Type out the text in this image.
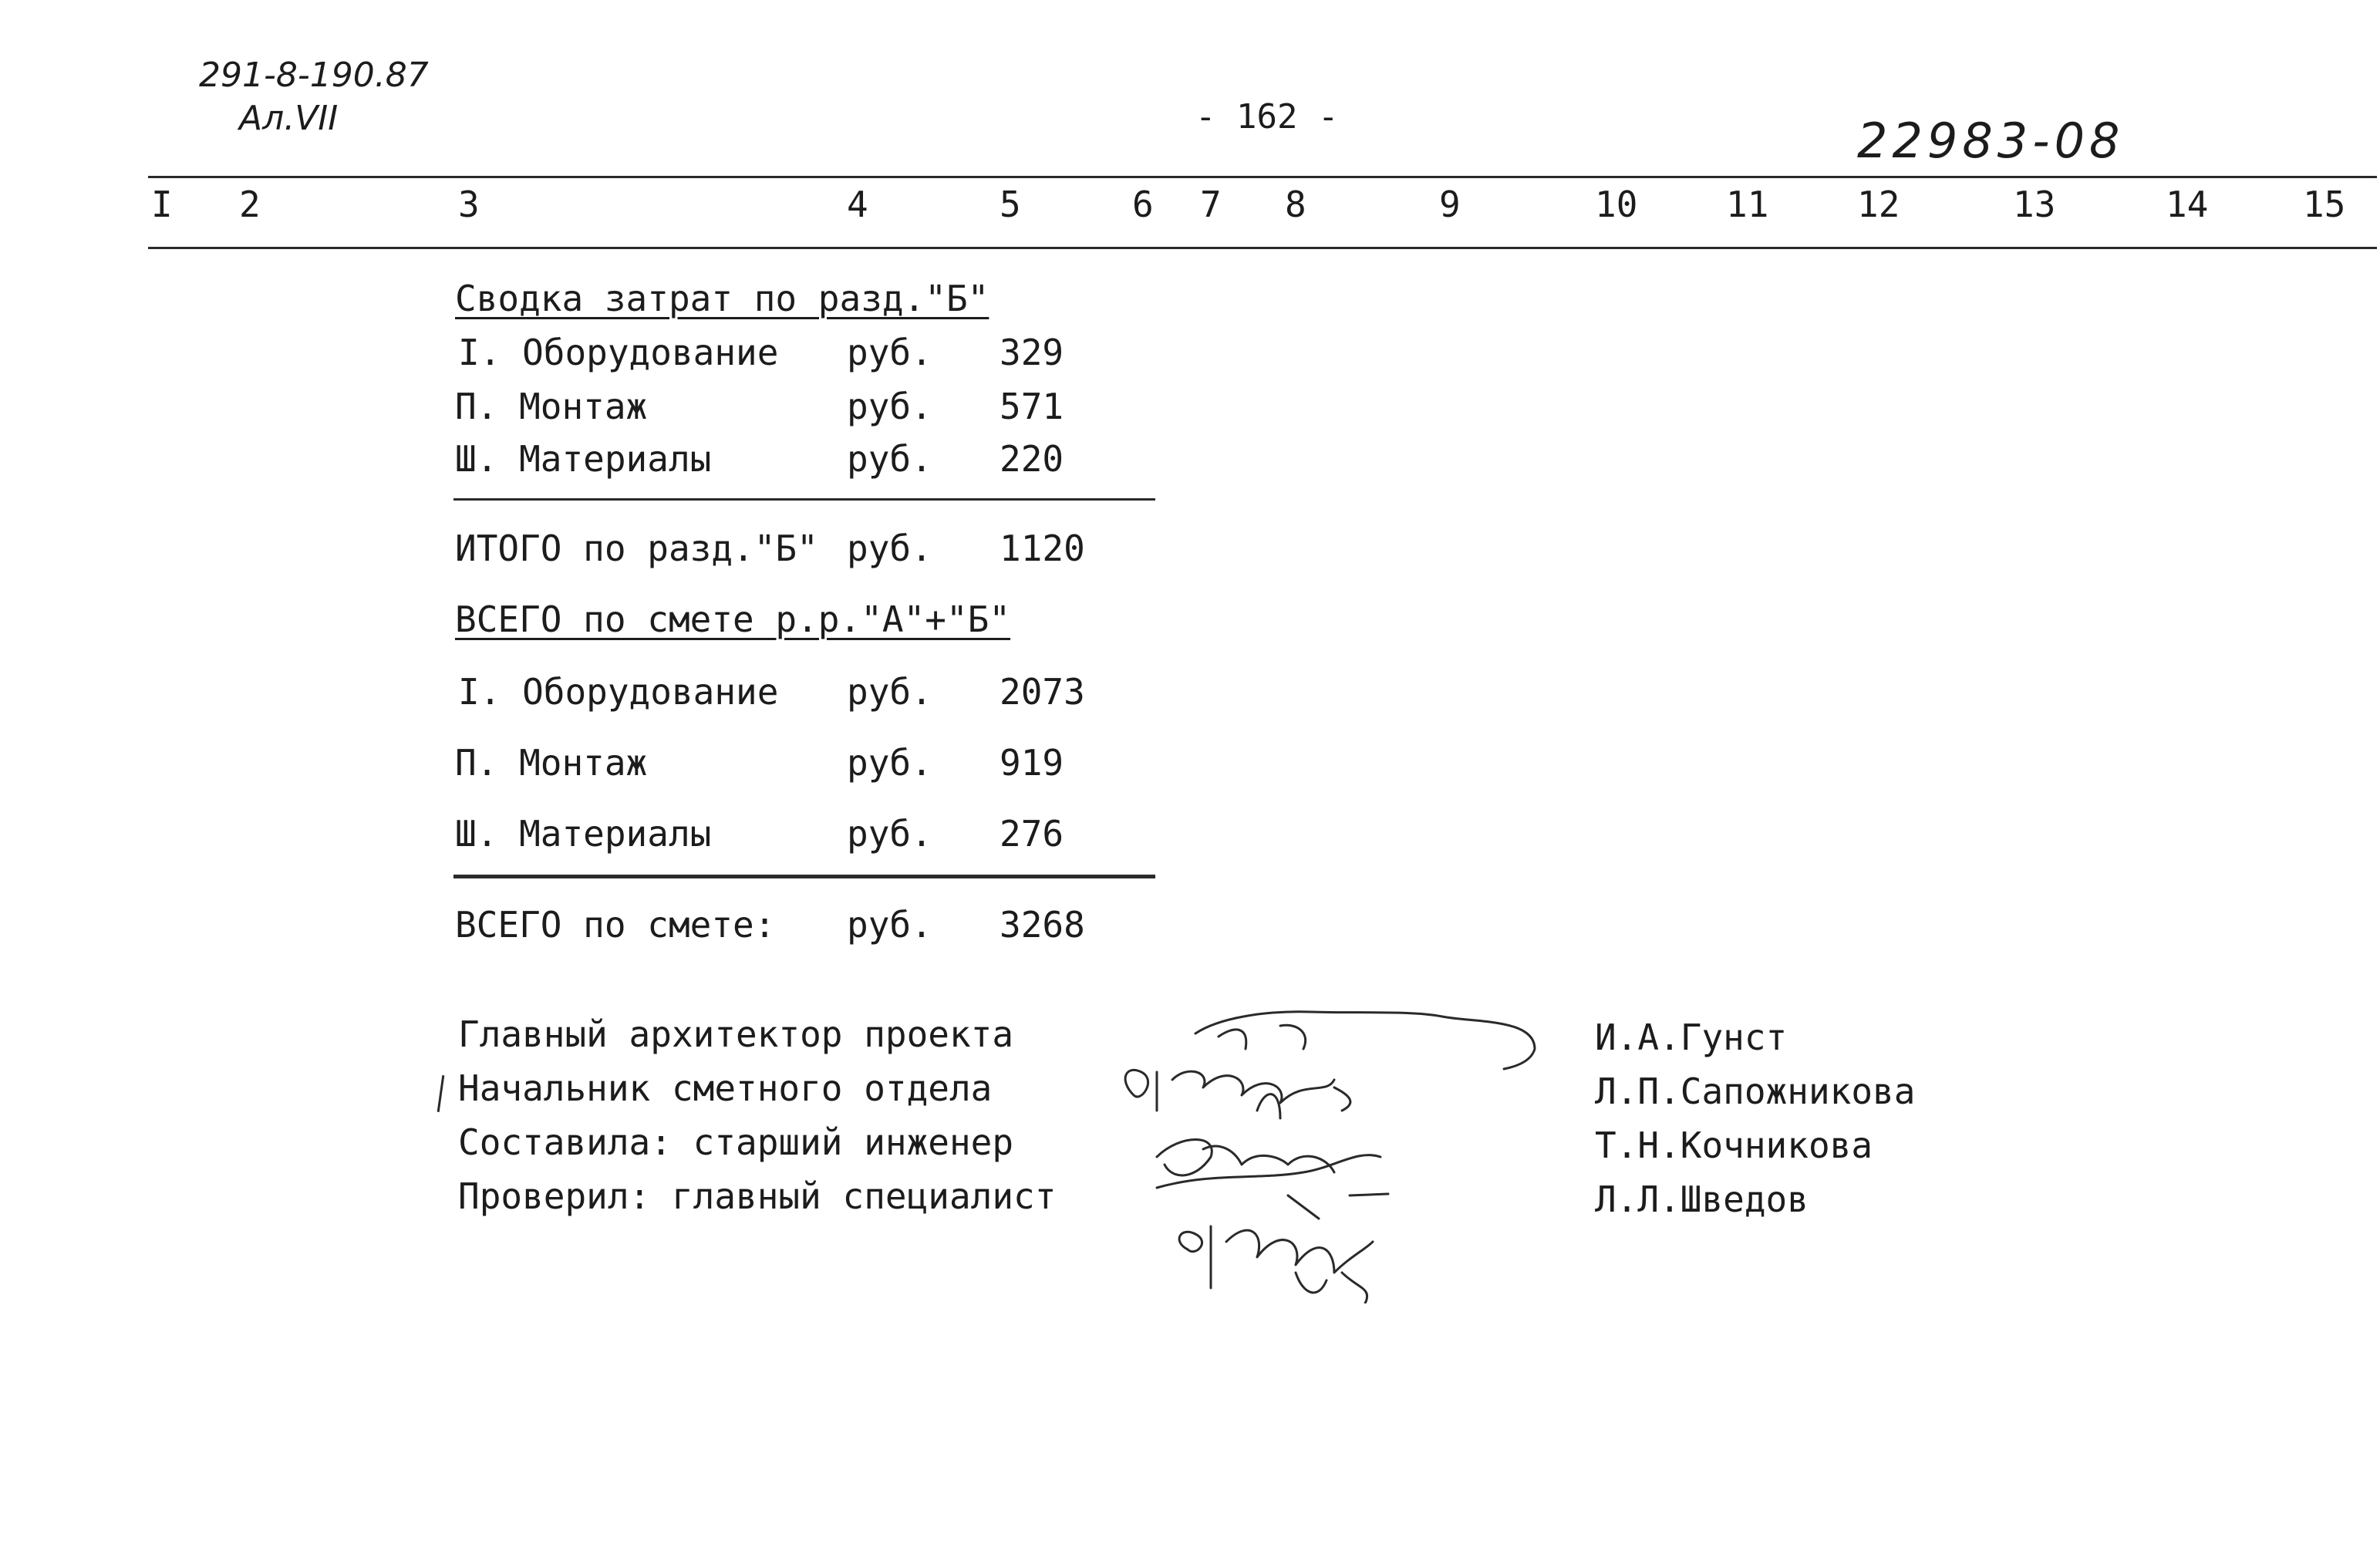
291-8-190.87
Ал.VII	- 162 -	22983-08
I 2	3	4	5	6 7 8	9	10 11 12	13	14	15
Сводка затрат по разд."Б"
I. Оборудование руб. 329
П. Монтаж	руб. 571
Ш. Материалы	руб. 220
ИТОГО по разд."Б" руб. 1120
ВСЕГО по смете р.р."А"+"Б"
I. Оборудование руб. 2073
П. Монтаж	руб. 919
Ш. Материалы	руб. 276
ВСЕГО по смете: руб. 3268
Главный архитектор проекта	И.А.Гунст
Начальник сметного отдела	Л.П.Сапожникова
Составила: старший инженер	Т.Н.Кочникова
Проверил: главный специалист	Л.Л.Шведов
